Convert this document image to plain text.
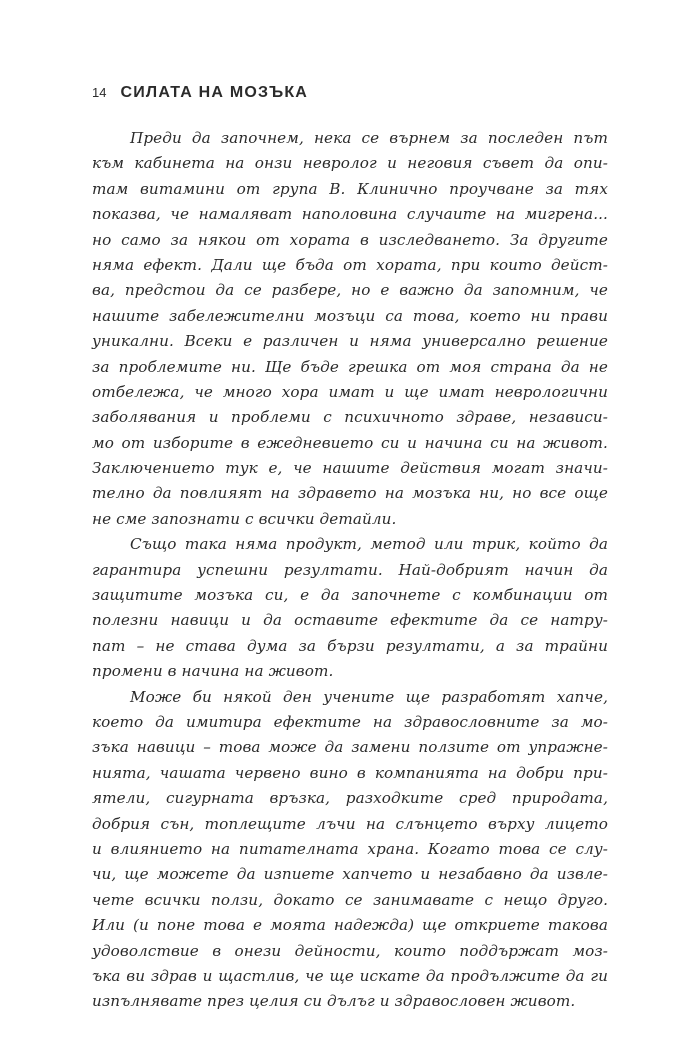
14 СИЛАТА НА МОЗЪКА
Преди да започнем, нека се върнем за последен път
към кабинета на онзи невролог и неговия съвет да опи-
там витамини от група B. Клинично проучване за тях
показва, че намаляват наполовина случаите на мигрена...
но само за някои от хората в изследването. За другите
няма ефект. Дали ще бъда от хората, при които дейст-
ва, предстои да се разбере, но е важно да запомним, че
нашите забележителни мозъци са това, което ни прави
уникални. Всеки е различен и няма универсално решение
за проблемите ни. Ще бъде грешка от моя страна да не
отбележа, че много хора имат и ще имат неврологични
заболявания и проблеми с психичното здраве, независи-
мо от изборите в ежедневието си и начина си на живот.
Заключението тук е, че нашите действия могат значи-
телно да повлияят на здравето на мозъка ни, но все още
не сме запознати с всички детайли.
Също така няма продукт, метод или трик, който да
гарантира успешни резултати. Най-добрият начин да
защитите мозъка си, е да започнете с комбинации от
полезни навици и да оставите ефектите да се натру-
пат – не става дума за бързи резултати, а за трайни
промени в начина на живот.
Може би някой ден учените ще разработят хапче,
което да имитира ефектите на здравословните за мо-
зъка навици – това може да замени ползите от упражне-
нията, чашата червено вино в компанията на добри при-
ятели, сигурната връзка, разходките сред природата,
добрия сън, топлещите лъчи на слънцето върху лицето
и влиянието на питателната храна. Когато това се слу-
чи, ще можете да изпиете хапчето и незабавно да извле-
чете всички ползи, докато се занимавате с нещо друго.
Или (и поне това е моята надежда) ще откриете такова
удоволствие в онези дейности, които поддържат моз-
ъка ви здрав и щастлив, че ще искате да продължите да ги
изпълнявате през целия си дълъг и здравословен живот.
